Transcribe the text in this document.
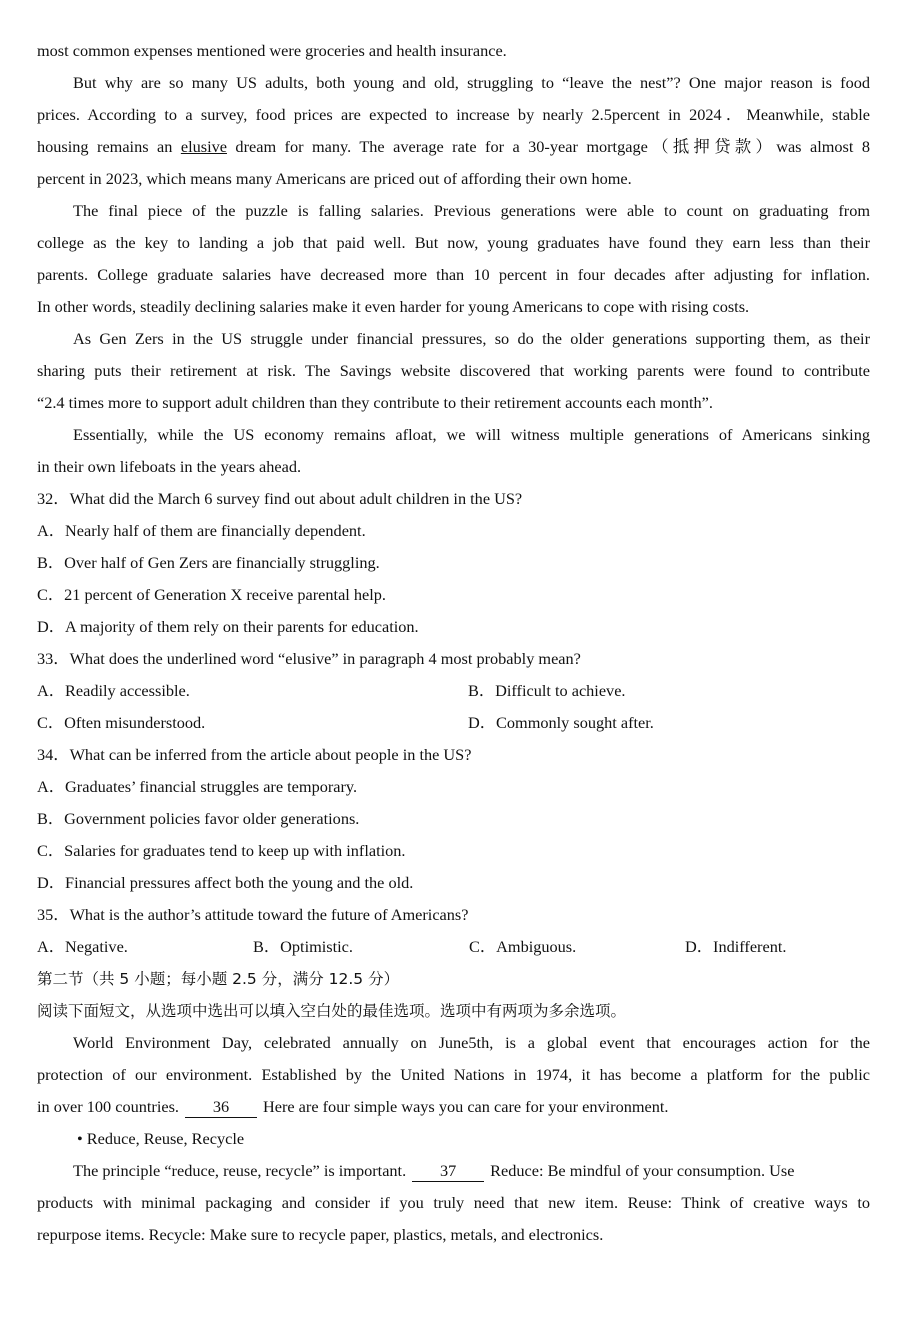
most common expenses mentioned were groceries and health insurance.
But why are so many US adults, both young and old, struggling to “leave the nest”? One major reason is food
prices. According to a survey, food prices are expected to increase by nearly 2.5percent in 2024．Meanwhile, stable
housing remains an elusive dream for many. The average rate for a 30-year mortgage（抵押贷款）was almost 8
percent in 2023, which means many Americans are priced out of affording their own home.
The final piece of the puzzle is falling salaries. Previous generations were able to count on graduating from
college as the key to landing a job that paid well. But now, young graduates have found they earn less than their
parents. College graduate salaries have decreased more than 10 percent in four decades after adjusting for inflation.
In other words, steadily declining salaries make it even harder for young Americans to cope with rising costs.
As Gen Zers in the US struggle under financial pressures, so do the older generations supporting them, as their
sharing puts their retirement at risk. The Savings website discovered that working parents were found to contribute
“2.4 times more to support adult children than they contribute to their retirement accounts each month”.
Essentially, while the US economy remains afloat, we will witness multiple generations of Americans sinking
in their own lifeboats in the years ahead.
32．What did the March 6 survey find out about adult children in the US?
A．Nearly half of them are financially dependent.
B．Over half of Gen Zers are financially struggling.
C．21 percent of Generation X receive parental help.
D．A majority of them rely on their parents for education.
33．What does the underlined word “elusive” in paragraph 4 most probably mean?
A．Readily accessible.	B．Difficult to achieve.
C．Often misunderstood.	D．Commonly sought after.
34．What can be inferred from the article about people in the US?
A．Graduates’ financial struggles are temporary.
B．Government policies favor older generations.
C．Salaries for graduates tend to keep up with inflation.
D．Financial pressures affect both the young and the old.
35．What is the author’s attitude toward the future of Americans?
A．Negative.	B．Optimistic.	C．Ambiguous.	D．Indifferent.
第二节（共 5 小题；每小题 2.5 分，满分 12.5 分）
阅读下面短文，从选项中选出可以填入空白处的最佳选项。选项中有两项为多余选项。
World Environment Day, celebrated annually on June5th, is a global event that encourages action for the
protection of our environment. Established by the United Nations in 1974, it has become a platform for the public
in over 100 countries. 36 Here are four simple ways you can care for your environment.
• Reduce, Reuse, Recycle
The principle “reduce, reuse, recycle” is important. 37 Reduce: Be mindful of your consumption. Use
products with minimal packaging and consider if you truly need that new item. Reuse: Think of creative ways to
repurpose items. Recycle: Make sure to recycle paper, plastics, metals, and electronics.
